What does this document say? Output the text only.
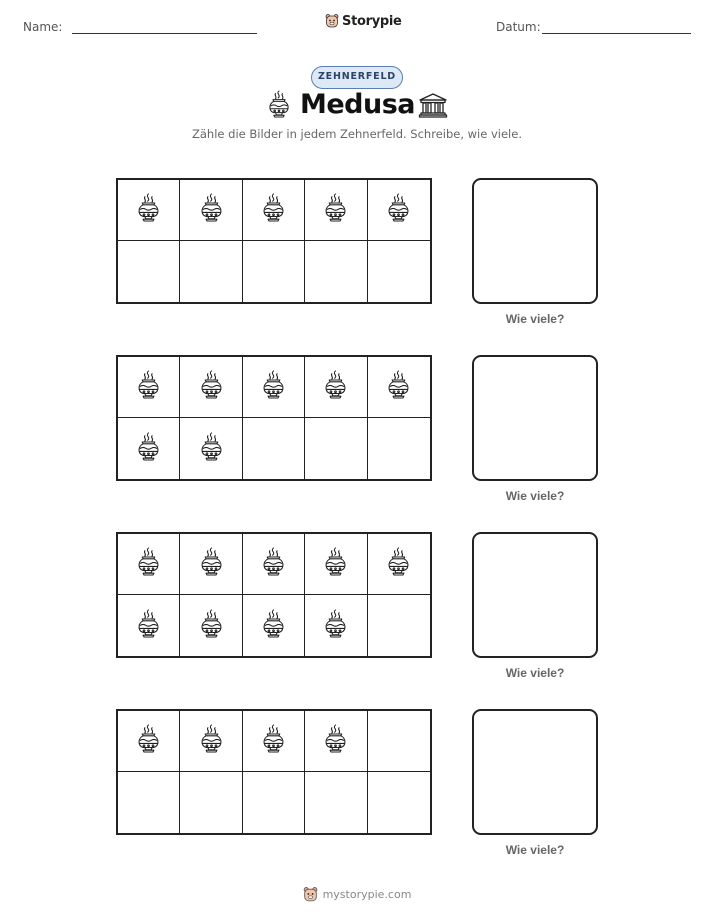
Name:	Storypie	Datum:
ZEHNERFELD
Medusa
Zähle die Bilder in jedem Zehnerfeld. Schreibe, wie viele.
Wie viele?
Wie viele?
Wie viele?
Wie viele?
mystorypie.com
